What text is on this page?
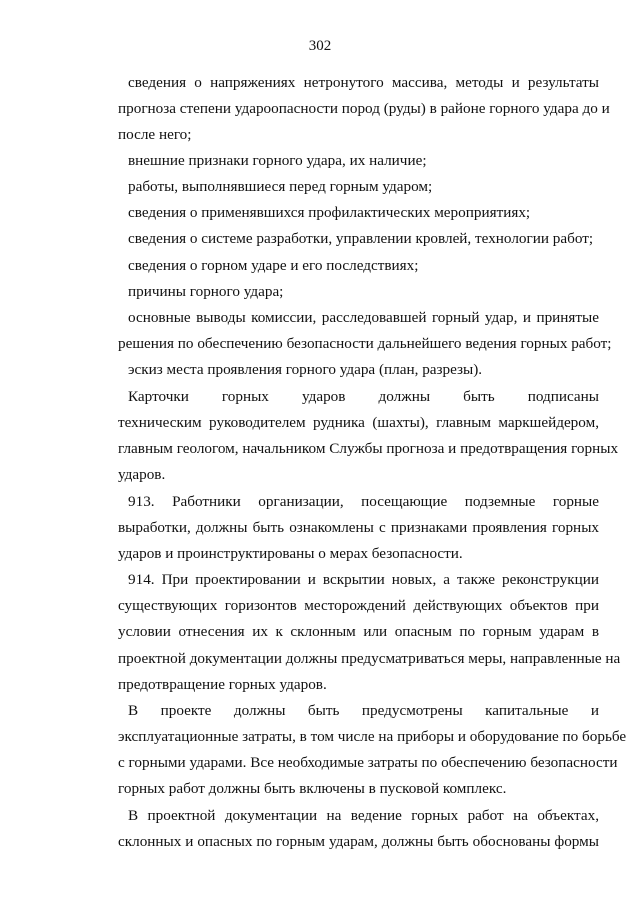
302
сведения о напряжениях нетронутого массива, методы и результаты
прогноза степени удароопасности пород (руды) в районе горного удара до и
после него;
внешние признаки горного удара, их наличие;
работы, выполнявшиеся перед горным ударом;
сведения о применявшихся профилактических мероприятиях;
сведения о системе разработки, управлении кровлей, технологии работ;
сведения о горном ударе и его последствиях;
причины горного удара;
основные выводы комиссии, расследовавшей горный удар, и принятые
решения по обеспечению безопасности дальнейшего ведения горных работ;
эскиз места проявления горного удара (план, разрезы).
Карточки горных ударов должны быть подписаны
техническим руководителем рудника (шахты), главным маркшейдером,
главным геологом, начальником Службы прогноза и предотвращения горных
ударов.
913. Работники организации, посещающие подземные горные
выработки, должны быть ознакомлены с признаками проявления горных
ударов и проинструктированы о мерах безопасности.
914. При проектировании и вскрытии новых, а также реконструкции
существующих горизонтов месторождений действующих объектов при
условии отнесения их к склонным или опасным по горным ударам в
проектной документации должны предусматриваться меры, направленные на
предотвращение горных ударов.
В проекте должны быть предусмотрены капитальные и
эксплуатационные затраты, в том числе на приборы и оборудование по борьбе
с горными ударами. Все необходимые затраты по обеспечению безопасности
горных работ должны быть включены в пусковой комплекс.
В проектной документации на ведение горных работ на объектах,
склонных и опасных по горным ударам, должны быть обоснованы формы
